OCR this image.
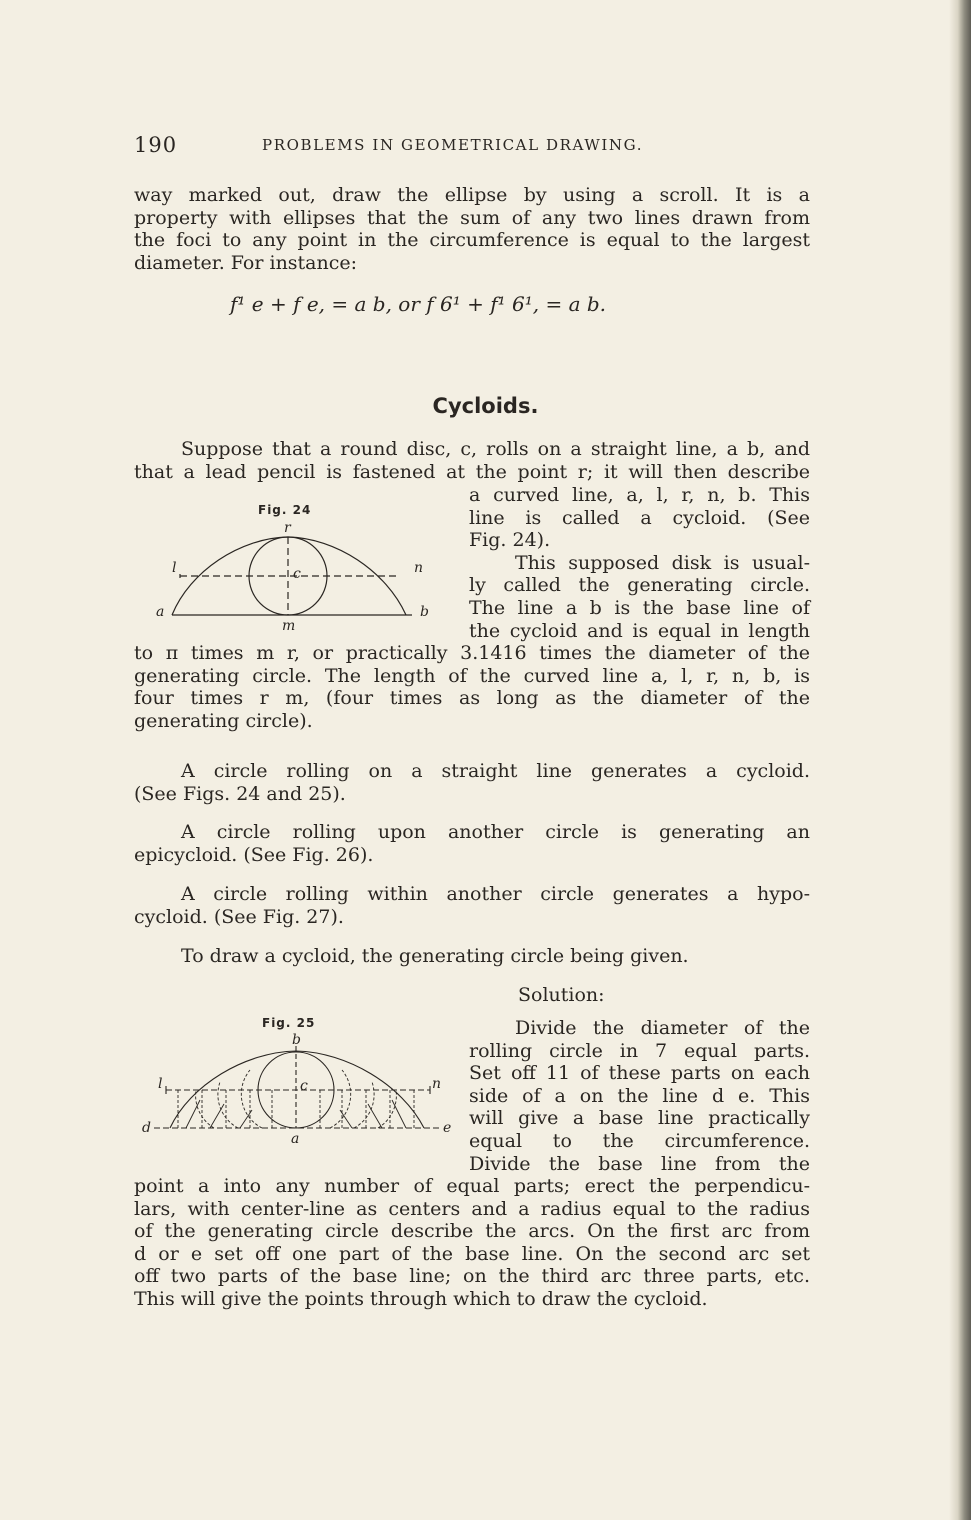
190	PROBLEMS IN GEOMETRICAL DRAWING.

way marked out, draw the ellipse by using a scroll. It is a

property with ellipses that the sum of any two lines drawn from

the foci to any point in the circumference is equal to the largest

diameter. For instance:

f¹ e + f e, = a b, or f 6¹ + f¹ 6¹, = a b.
Cycloids.

Suppose that a round disc, c, rolls on a straight line, a b, and

that a lead pencil is fastened at the point r; it will then describe

a curved line, a, l, r, n, b. This

line is called a cycloid. (See

Fig. 24).

This supposed disk is usual-

ly called the generating circle.

The line a b is the base line of

the cycloid and is equal in length

to π times m r, or practically 3.1416 times the diameter of the

generating circle. The length of the curved line a, l, r, n, b, is

four times r m, (four times as long as the diameter of the

generating circle).

Fig. 24
r
l	c	n
a	b
m

A circle rolling on a straight line generates a cycloid.

(See Figs. 24 and 25).

A circle rolling upon another circle is generating an

epicycloid. (See Fig. 26).

A circle rolling within another circle generates a hypo-

cycloid. (See Fig. 27).

To draw a cycloid, the generating circle being given.

Solution:

Divide the diameter of the

rolling circle in 7 equal parts.

Set off 11 of these parts on each

side of a on the line d e. This

will give a base line practically

equal to the circumference.

Divide the base line from the

point a into any number of equal parts; erect the perpendicu-

lars, with center-line as centers and a radius equal to the radius

of the generating circle describe the arcs. On the first arc from

d or e set off one part of the base line. On the second arc set

off two parts of the base line; on the third arc three parts, etc.

This will give the points through which to draw the cycloid.

Fig. 25
b
l	c	n
d	e
a
